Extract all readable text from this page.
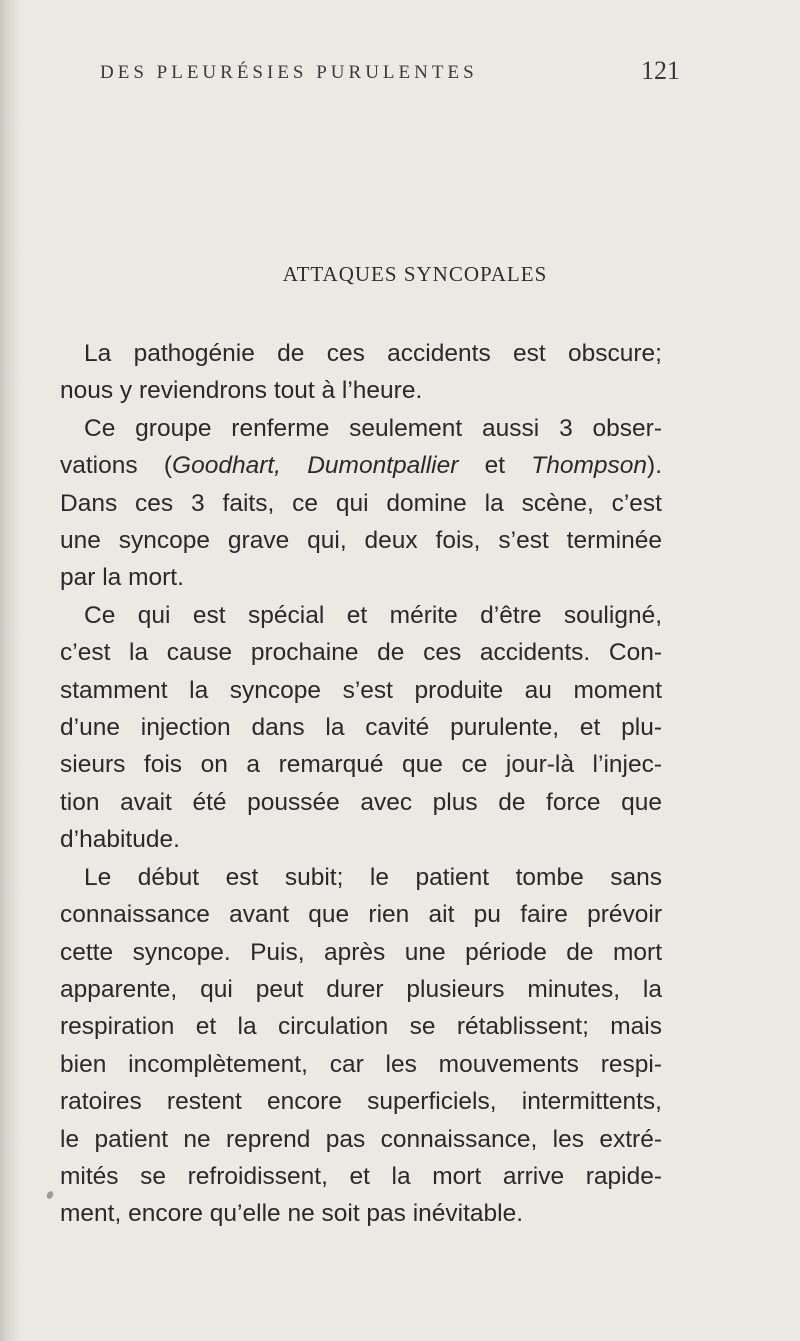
DES PLEURÉSIES PURULENTES	121
ATTAQUES SYNCOPALES
La pathogénie de ces accidents est obscure;
nous y reviendrons tout à l’heure.
Ce groupe renferme seulement aussi 3 obser-
vations (Goodhart, Dumontpallier et Thompson).
Dans ces 3 faits, ce qui domine la scène, c’est
une syncope grave qui, deux fois, s’est terminée
par la mort.
Ce qui est spécial et mérite d’être souligné,
c’est la cause prochaine de ces accidents. Con-
stamment la syncope s’est produite au moment
d’une injection dans la cavité purulente, et plu-
sieurs fois on a remarqué que ce jour-là l’injec-
tion avait été poussée avec plus de force que
d’habitude.
Le début est subit; le patient tombe sans
connaissance avant que rien ait pu faire prévoir
cette syncope. Puis, après une période de mort
apparente, qui peut durer plusieurs minutes, la
respiration et la circulation se rétablissent; mais
bien incomplètement, car les mouvements respi-
ratoires restent encore superficiels, intermittents,
le patient ne reprend pas connaissance, les extré-
mités se refroidissent, et la mort arrive rapide-
ment, encore qu’elle ne soit pas inévitable.
